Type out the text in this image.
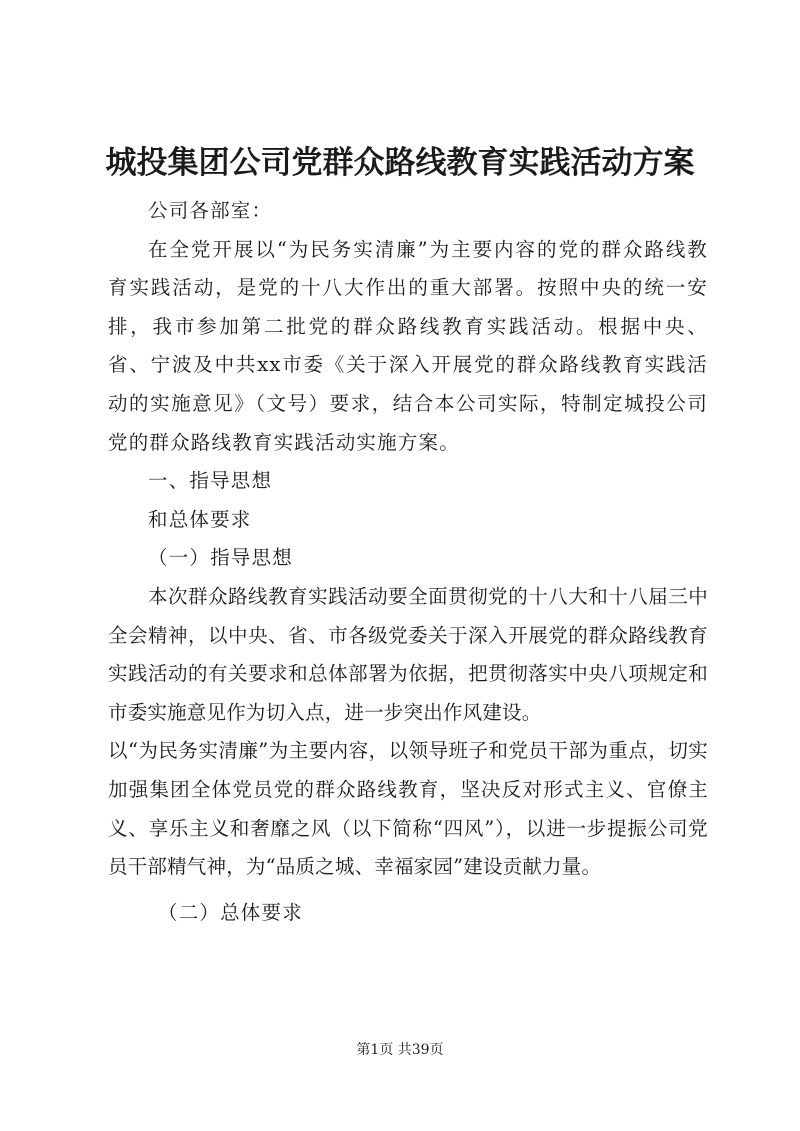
城投集团公司党群众路线教育实践活动方案

公司各部室：

在全党开展以“为民务实清廉”为主要内容的党的群众路线教育实践活动，是党的十八大作出的重大部署。按照中央的统一安排，我市参加第二批党的群众路线教育实践活动。根据中央、省、宁波及中共xx市委《关于深入开展党的群众路线教育实践活动的实施意见》（文号）要求，结合本公司实际，特制定城投公司党的群众路线教育实践活动实施方案。

一、指导思想

和总体要求

（一）指导思想

本次群众路线教育实践活动要全面贯彻党的十八大和十八届三中全会精神，以中央、省、市各级党委关于深入开展党的群众路线教育实践活动的有关要求和总体部署为依据，把贯彻落实中央八项规定和市委实施意见作为切入点，进一步突出作风建设。

以“为民务实清廉”为主要内容，以领导班子和党员干部为重点，切实加强集团全体党员党的群众路线教育，坚决反对形式主义、官僚主义、享乐主义和奢靡之风（以下简称“四风”），以进一步提振公司党员干部精气神，为“品质之城、幸福家园”建设贡献力量。

（二）总体要求

第1页 共39页
